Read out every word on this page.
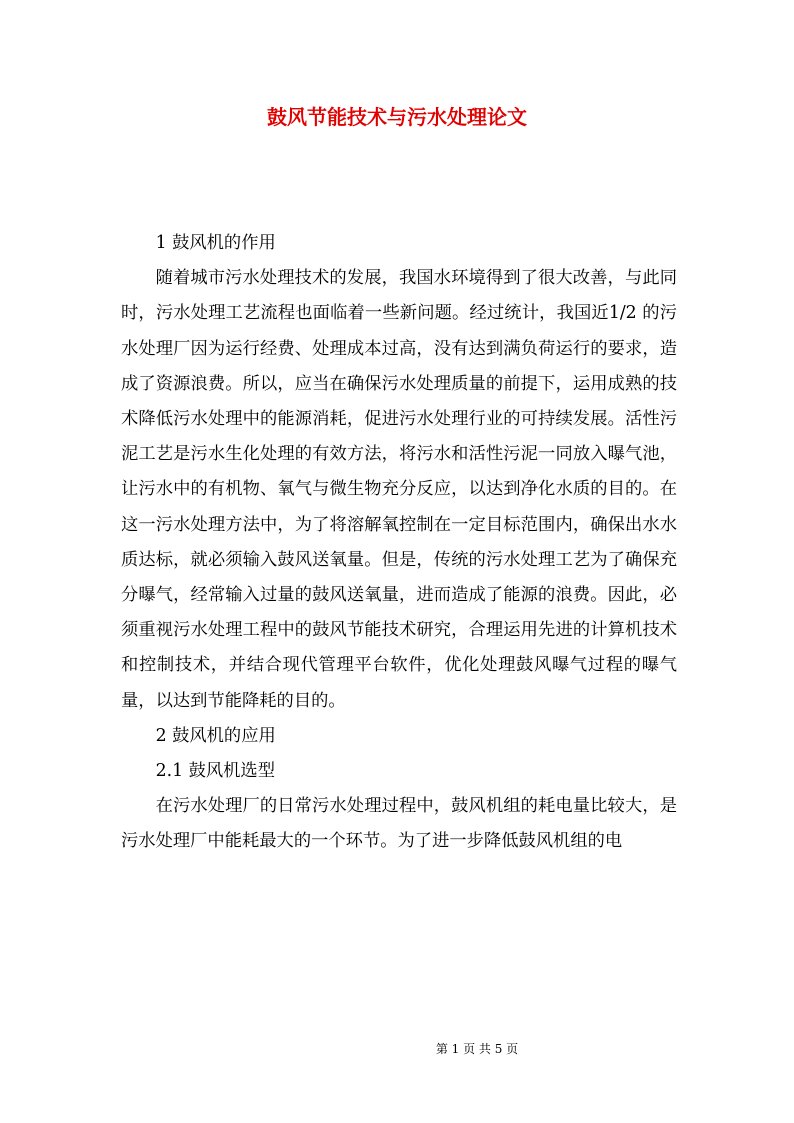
鼓风节能技术与污水处理论文

1 鼓风机的作用

随着城市污水处理技术的发展，我国水环境得到了很大改善，与此同时，污水处理工艺流程也面临着一些新问题。经过统计，我国近1/2 的污水处理厂因为运行经费、处理成本过高，没有达到满负荷运行的要求，造成了资源浪费。所以，应当在确保污水处理质量的前提下，运用成熟的技术降低污水处理中的能源消耗，促进污水处理行业的可持续发展。活性污泥工艺是污水生化处理的有效方法，将污水和活性污泥一同放入曝气池，让污水中的有机物、氧气与微生物充分反应，以达到净化水质的目的。在这一污水处理方法中，为了将溶解氧控制在一定目标范围内，确保出水水质达标，就必须输入鼓风送氧量。但是，传统的污水处理工艺为了确保充分曝气，经常输入过量的鼓风送氧量，进而造成了能源的浪费。因此，必须重视污水处理工程中的鼓风节能技术研究，合理运用先进的计算机技术和控制技术，并结合现代管理平台软件，优化处理鼓风曝气过程的曝气量，以达到节能降耗的目的。

2 鼓风机的应用

2.1 鼓风机选型

在污水处理厂的日常污水处理过程中，鼓风机组的耗电量比较大，是污水处理厂中能耗最大的一个环节。为了进一步降低鼓风机组的电

第 1 页 共 5 页
